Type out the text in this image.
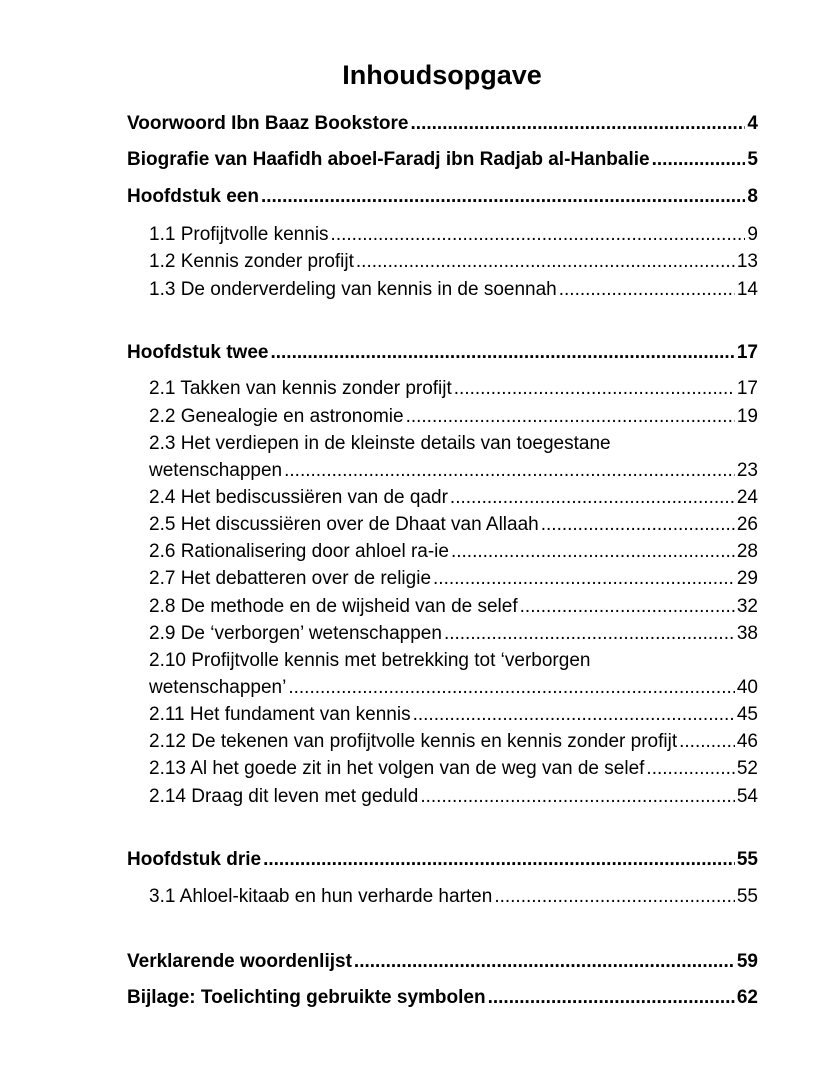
Inhoudsopgave
Voorwoord Ibn Baaz Bookstore .....	4
Biografie van Haafidh aboel-Faradj ibn Radjab al-Hanbalie .....	5
Hoofdstuk een .....	8
1.1 Profijtvolle kennis .....	9
1.2 Kennis zonder profijt .....	13
1.3 De onderverdeling van kennis in de soennah .....	14
Hoofdstuk twee .....	17
2.1 Takken van kennis zonder profijt .....	17
2.2 Genealogie en astronomie .....	19
2.3 Het verdiepen in de kleinste details van toegestane
wetenschappen .....	23
2.4 Het bediscussiëren van de qadr .....	24
2.5 Het discussiëren over de Dhaat van Allaah .....	26
2.6 Rationalisering door ahloel ra-ie .....	28
2.7 Het debatteren over de religie .....	29
2.8 De methode en de wijsheid van de selef .....	32
2.9 De ‘verborgen’ wetenschappen .....	38
2.10 Profijtvolle kennis met betrekking tot ‘verborgen
wetenschappen’ .....	40
2.11 Het fundament van kennis .....	45
2.12 De tekenen van profijtvolle kennis en kennis zonder profijt .....	46
2.13 Al het goede zit in het volgen van de weg van de selef .....	52
2.14 Draag dit leven met geduld .....	54
Hoofdstuk drie .....	55
3.1 Ahloel-kitaab en hun verharde harten .....	55
Verklarende woordenlijst .....	59
Bijlage: Toelichting gebruikte symbolen .....	62
